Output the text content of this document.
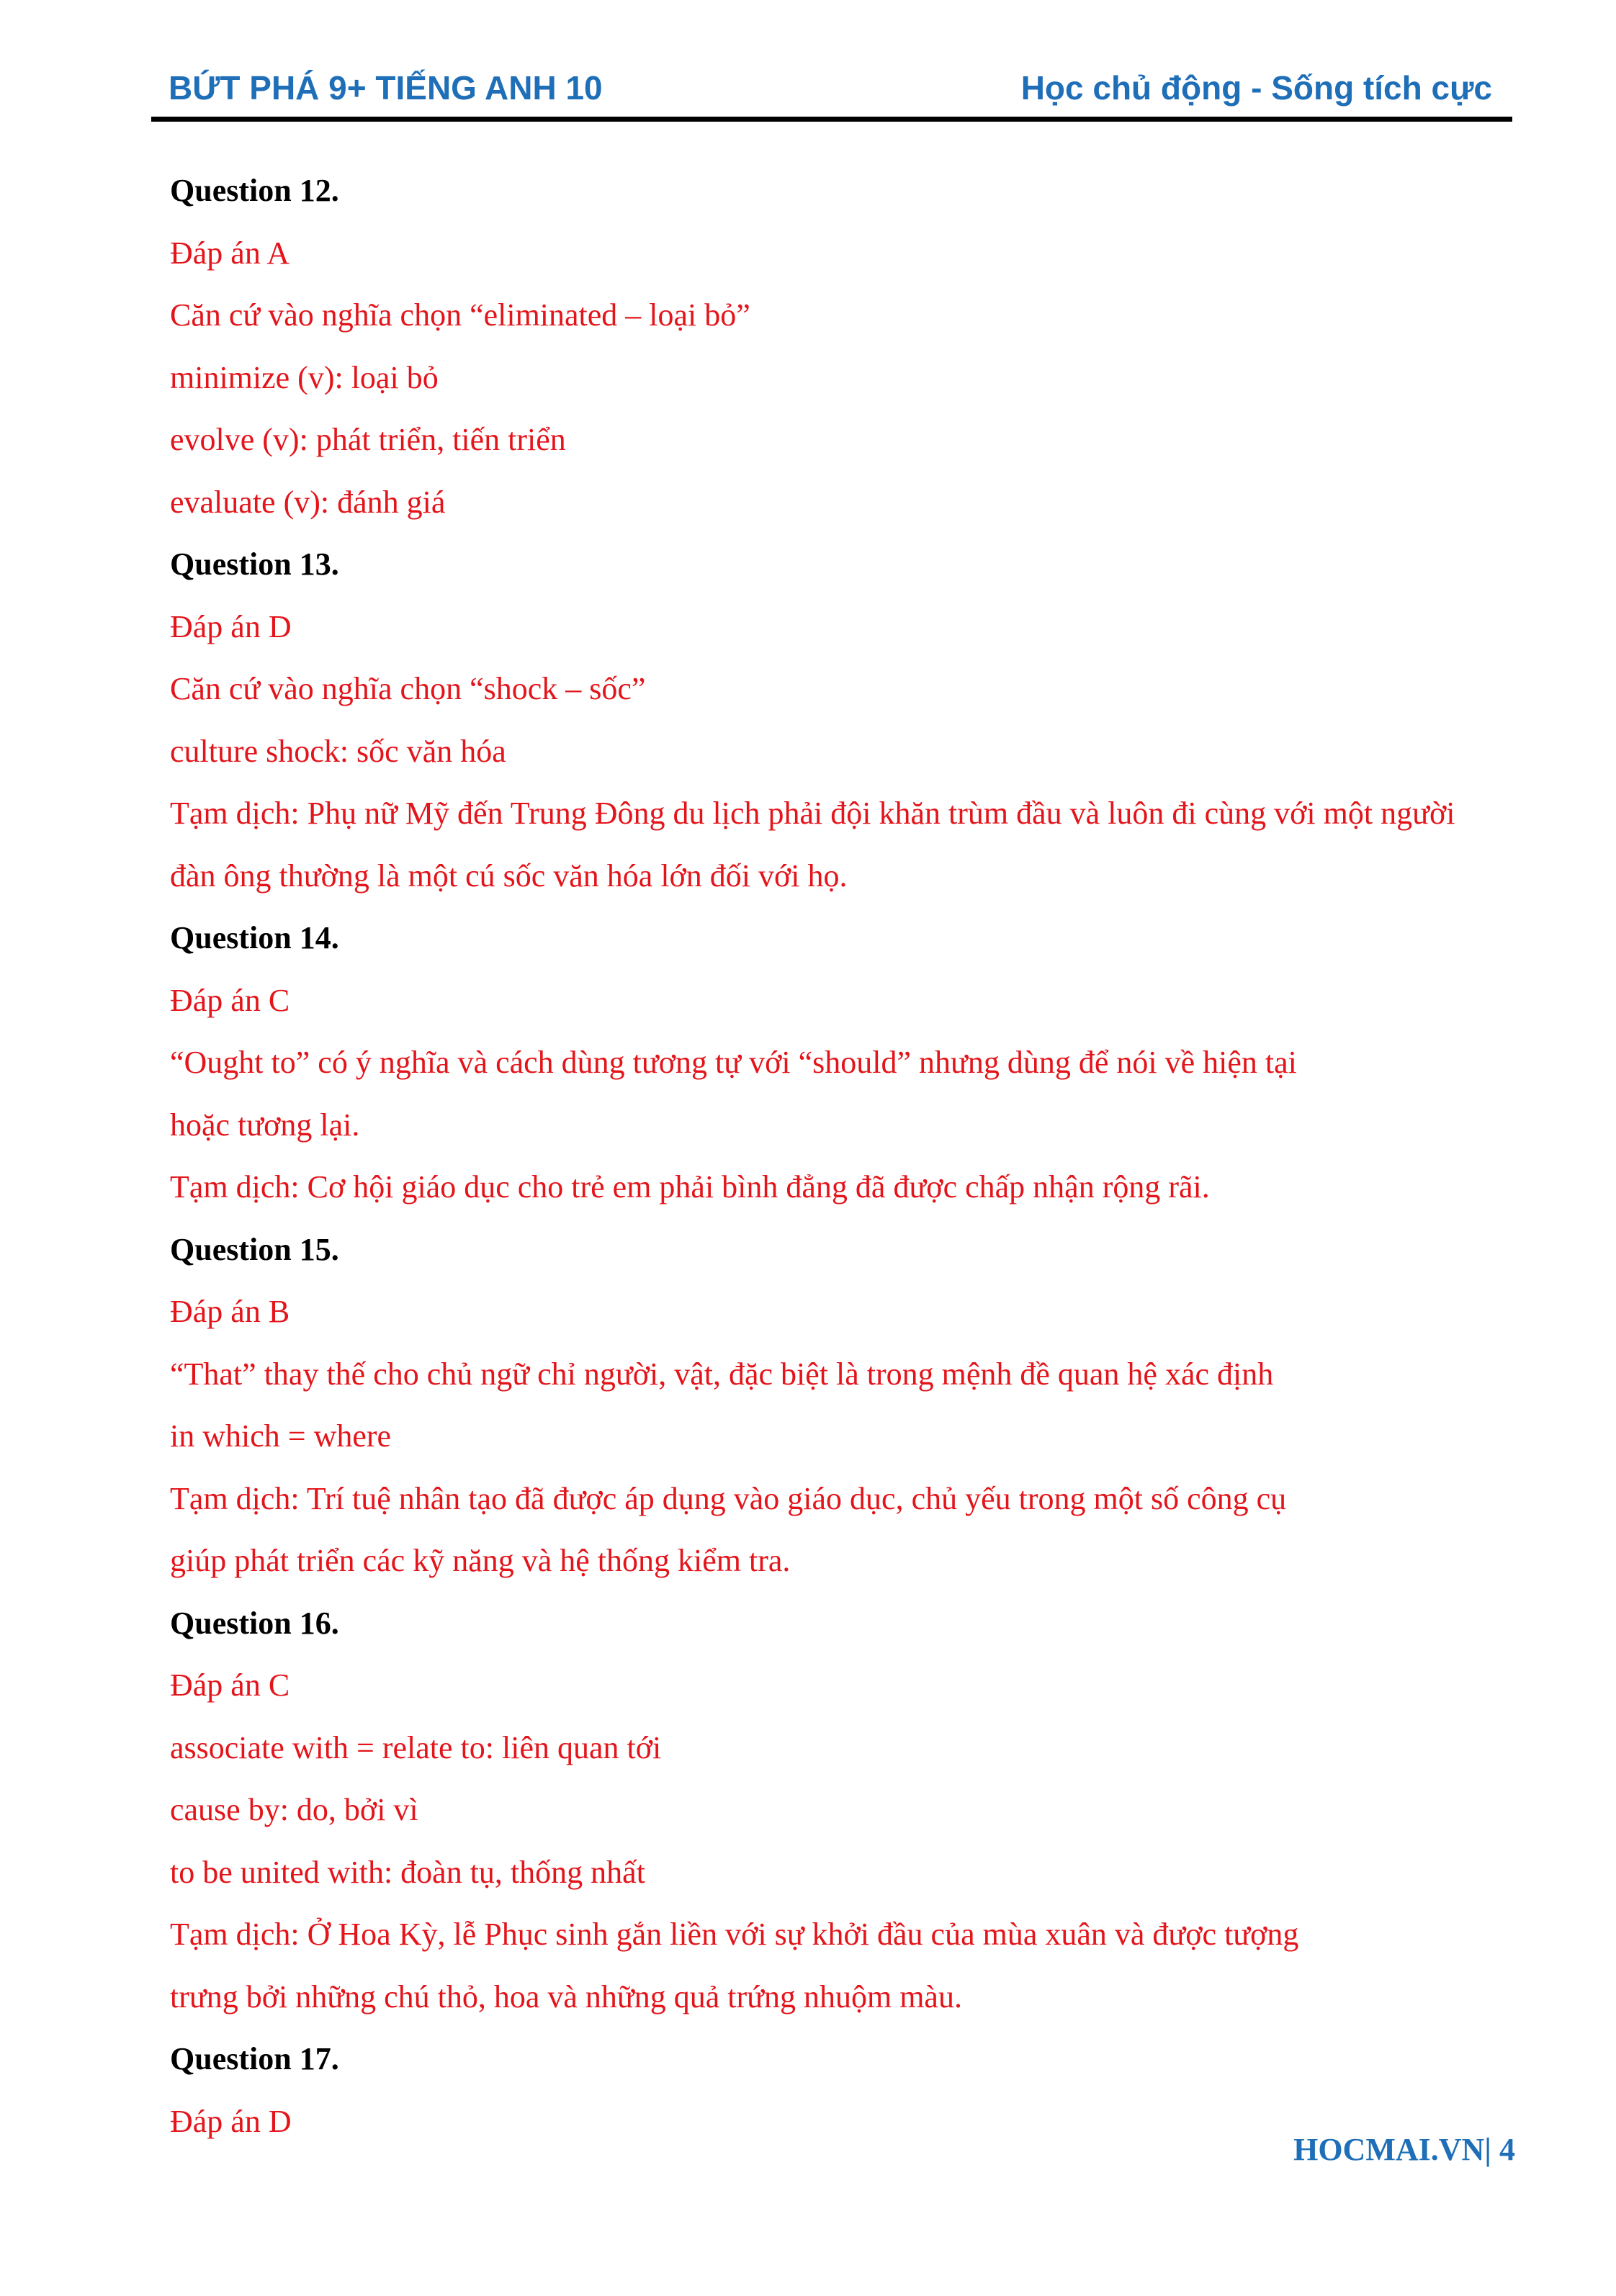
BỨT PHÁ 9+ TIẾNG ANH 10	Học chủ động - Sống tích cực
Question 12.
Đáp án A
Căn cứ vào nghĩa chọn “eliminated – loại bỏ”
minimize (v): loại bỏ
evolve (v): phát triển, tiến triển
evaluate (v): đánh giá
Question 13.
Đáp án D
Căn cứ vào nghĩa chọn “shock – sốc”
culture shock: sốc văn hóa
Tạm dịch: Phụ nữ Mỹ đến Trung Đông du lịch phải đội khăn trùm đầu và luôn đi cùng với một người
đàn ông thường là một cú sốc văn hóa lớn đối với họ.
Question 14.
Đáp án C
“Ought to” có ý nghĩa và cách dùng tương tự với “should” nhưng dùng để nói về hiện tại
hoặc tương lại.
Tạm dịch: Cơ hội giáo dục cho trẻ em phải bình đẳng đã được chấp nhận rộng rãi.
Question 15.
Đáp án B
“That” thay thế cho chủ ngữ chỉ người, vật, đặc biệt là trong mệnh đề quan hệ xác định
in which = where
Tạm dịch: Trí tuệ nhân tạo đã được áp dụng vào giáo dục, chủ yếu trong một số công cụ
giúp phát triển các kỹ năng và hệ thống kiểm tra.
Question 16.
Đáp án C
associate with = relate to: liên quan tới
cause by: do, bởi vì
to be united with: đoàn tụ, thống nhất
Tạm dịch: Ở Hoa Kỳ, lễ Phục sinh gắn liền với sự khởi đầu của mùa xuân và được tượng
trưng bởi những chú thỏ, hoa và những quả trứng nhuộm màu.
Question 17.
Đáp án D
HOCMAI.VN| 4
